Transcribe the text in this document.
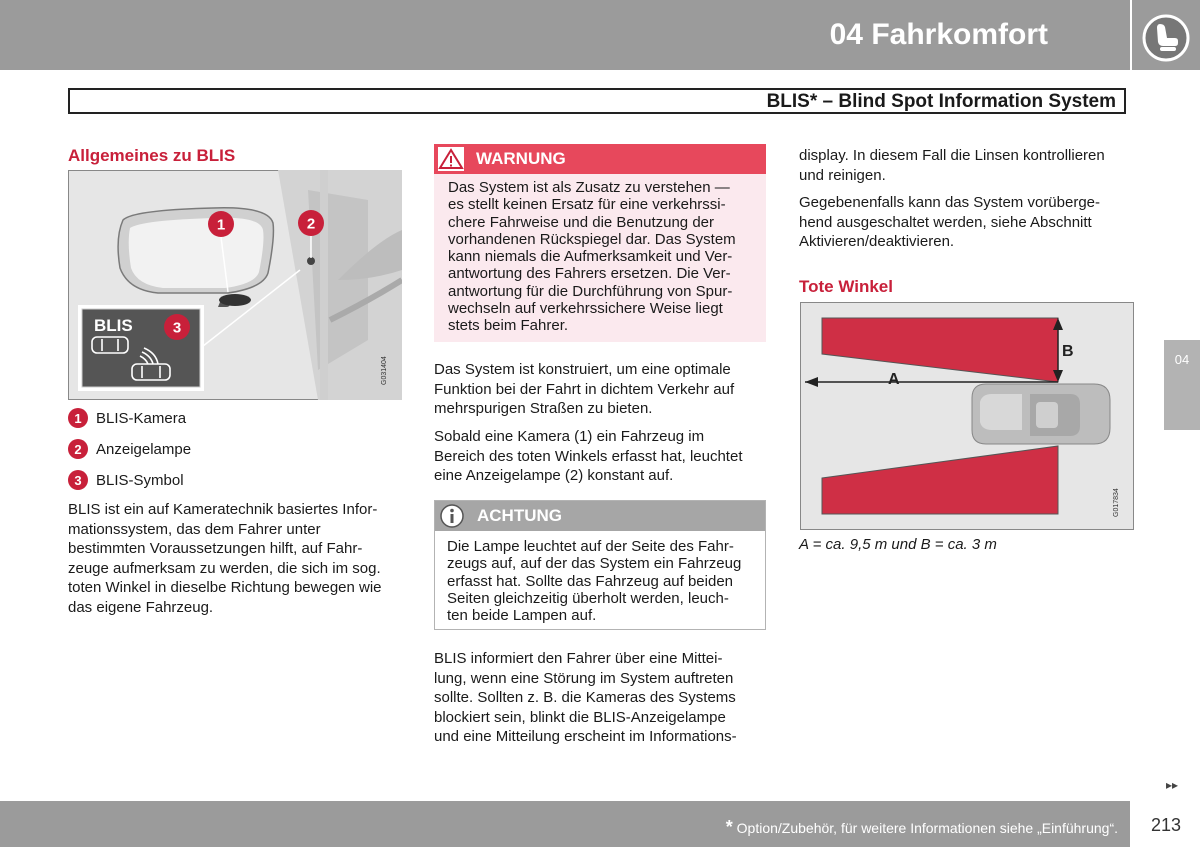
04 Fahrkomfort
BLIS* – Blind Spot Information System
04
Allgemeines zu BLIS
1	2
BLIS	3
G031404
1 BLIS-Kamera
2 Anzeigelampe
3 BLIS-Symbol

BLIS ist ein auf Kameratechnik basiertes Infor-

mationssystem, das dem Fahrer unter

bestimmten Voraussetzungen hilft, auf Fahr-

zeuge aufmerksam zu werden, die sich im sog.

toten Winkel in dieselbe Richtung bewegen wie

das eigene Fahrzeug.

WARNUNG
Das System ist als Zusatz zu verstehen —
es stellt keinen Ersatz für eine verkehrssi-
chere Fahrweise und die Benutzung der
vorhandenen Rückspiegel dar. Das System
kann niemals die Aufmerksamkeit und Ver-
antwortung des Fahrers ersetzen. Die Ver-
antwortung für die Durchführung von Spur-
wechseln auf verkehrssichere Weise liegt
stets beim Fahrer.

Das System ist konstruiert, um eine optimale

Funktion bei der Fahrt in dichtem Verkehr auf

mehrspurigen Straßen zu bieten.

Sobald eine Kamera (1) ein Fahrzeug im

Bereich des toten Winkels erfasst hat, leuchtet

eine Anzeigelampe (2) konstant auf.

ACHTUNG
Die Lampe leuchtet auf der Seite des Fahr-
zeugs auf, auf der das System ein Fahrzeug
erfasst hat. Sollte das Fahrzeug auf beiden
Seiten gleichzeitig überholt werden, leuch-
ten beide Lampen auf.

BLIS informiert den Fahrer über eine Mittei-

lung, wenn eine Störung im System auftreten

sollte. Sollten z. B. die Kameras des Systems

blockiert sein, blinkt die BLIS-Anzeigelampe

und eine Mitteilung erscheint im Informations-

display. In diesem Fall die Linsen kontrollieren

und reinigen.

Gegebenenfalls kann das System vorüberge-

hend ausgeschaltet werden, siehe Abschnitt

Aktivieren/deaktivieren.

Tote Winkel
A
B
G017834
A = ca. 9,5 m und B = ca. 3 m
▸▸
* Option/Zubehör, für weitere Informationen siehe „Einführung“.	213
